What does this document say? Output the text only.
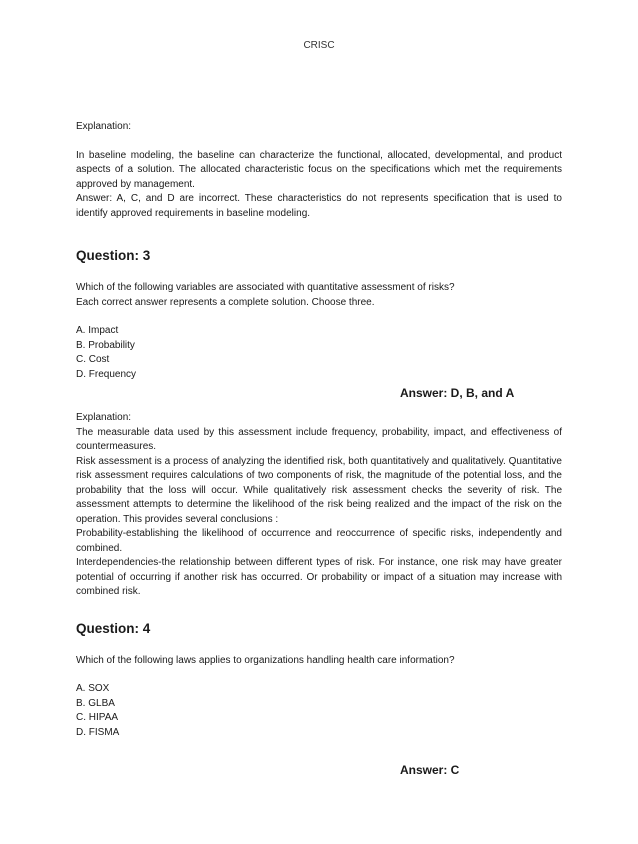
CRISC

Explanation:

In baseline modeling, the baseline can characterize the functional, allocated, developmental, and product aspects of a solution. The allocated characteristic focus on the specifications which met the requirements approved by management.

Answer: A, C, and D are incorrect. These characteristics do not represents specification that is used to identify approved requirements in baseline modeling.

Question: 3

Which of the following variables are associated with quantitative assessment of risks?

Each correct answer represents a complete solution. Choose three.

A. Impact
B. Probability
C. Cost
D. Frequency

Answer: D, B, and A

Explanation:

The measurable data used by this assessment include frequency, probability, impact, and effectiveness of countermeasures.

Risk assessment is a process of analyzing the identified risk, both quantitatively and qualitatively. Quantitative risk assessment requires calculations of two components of risk, the magnitude of the potential loss, and the probability that the loss will occur. While qualitatively risk assessment checks the severity of risk. The assessment attempts to determine the likelihood of the risk being realized and the impact of the risk on the operation. This provides several conclusions :

Probability-establishing the likelihood of occurrence and reoccurrence of specific risks, independently and combined.

Interdependencies-the relationship between different types of risk. For instance, one risk may have greater potential of occurring if another risk has occurred. Or probability or impact of a situation may increase with combined risk.

Question: 4

Which of the following laws applies to organizations handling health care information?

A. SOX
B. GLBA
C. HIPAA
D. FISMA

Answer: C
